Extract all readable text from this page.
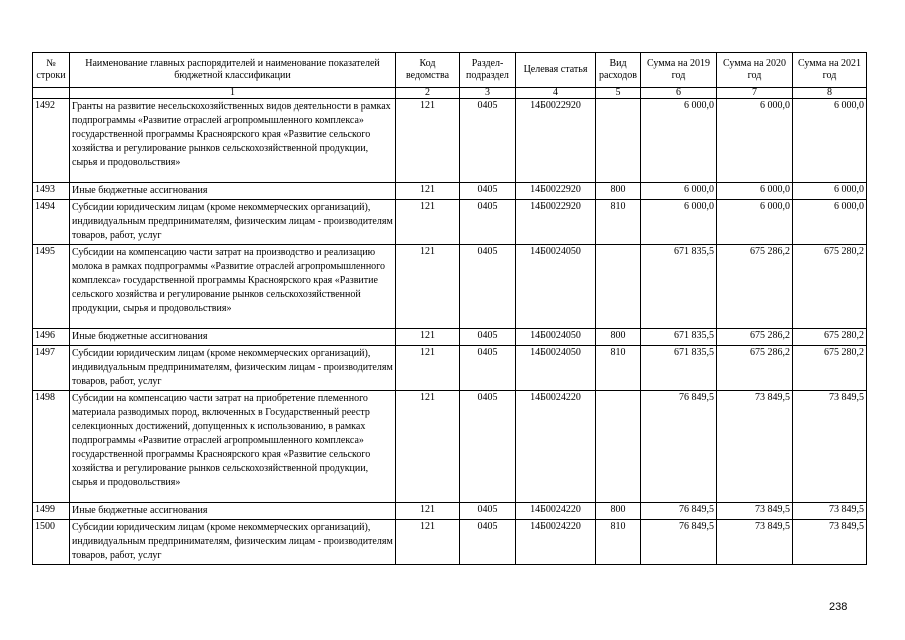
№ строки	Наименование главных распорядителей и наименование показателей бюджетной классификации	Код ведомства	Раздел-подраздел	Целевая статья	Вид расходов	Сумма на 2019 год	Сумма на 2020 год	Сумма на 2021 год
	1	2	3	4	5	6	7	8
1492	Гранты на развитие несельскохозяйственных видов деятельности в рамках подпрограммы «Развитие отраслей агропромышленного комплекса» государственной программы Красноярского края «Развитие сельского хозяйства и регулирование рынков сельскохозяйственной продукции, сырья и продовольствия»	121	0405	14Б0022920		6 000,0	6 000,0	6 000,0
1493	Иные бюджетные ассигнования	121	0405	14Б0022920	800	6 000,0	6 000,0	6 000,0
1494	Субсидии юридическим лицам (кроме некоммерческих организаций), индивидуальным предпринимателям, физическим лицам - производителям товаров, работ, услуг	121	0405	14Б0022920	810	6 000,0	6 000,0	6 000,0
1495	Субсидии на компенсацию части затрат на производство и реализацию молока в рамках подпрограммы «Развитие отраслей агропромышленного комплекса» государственной программы Красноярского края «Развитие сельского хозяйства и регулирование рынков сельскохозяйственной продукции, сырья и продовольствия»	121	0405	14Б0024050		671 835,5	675 286,2	675 280,2
1496	Иные бюджетные ассигнования	121	0405	14Б0024050	800	671 835,5	675 286,2	675 280,2
1497	Субсидии юридическим лицам (кроме некоммерческих организаций), индивидуальным предпринимателям, физическим лицам - производителям товаров, работ, услуг	121	0405	14Б0024050	810	671 835,5	675 286,2	675 280,2
1498	Субсидии на компенсацию части затрат на приобретение племенного материала разводимых пород, включенных в Государственный реестр селекционных достижений, допущенных к использованию, в рамках подпрограммы «Развитие отраслей агропромышленного комплекса» государственной программы Красноярского края «Развитие сельского хозяйства и регулирование рынков сельскохозяйственной продукции, сырья и продовольствия»	121	0405	14Б0024220		76 849,5	73 849,5	73 849,5
1499	Иные бюджетные ассигнования	121	0405	14Б0024220	800	76 849,5	73 849,5	73 849,5
1500	Субсидии юридическим лицам (кроме некоммерческих организаций), индивидуальным предпринимателям, физическим лицам - производителям товаров, работ, услуг	121	0405	14Б0024220	810	76 849,5	73 849,5	73 849,5
238
